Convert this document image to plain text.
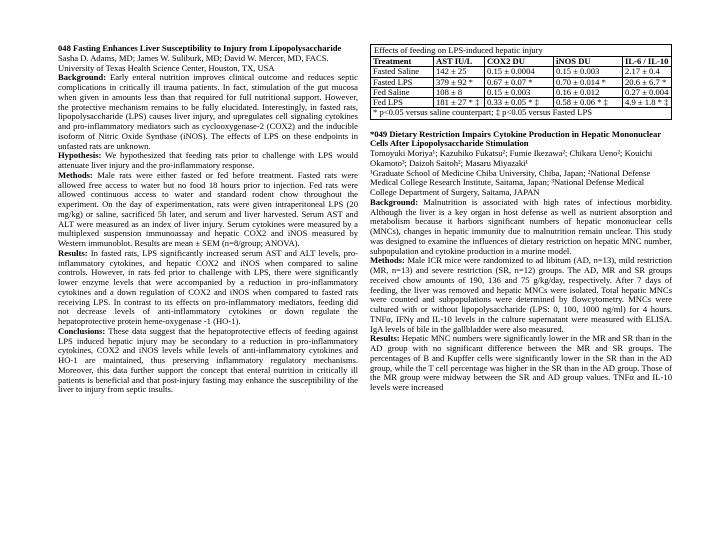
048 Fasting Enhances Liver Susceptibility to Injury from Lipopolysaccharide

Sasha D. Adams, MD; James W. Suliburk, MD; David W. Mercer, MD, FACS.

University of Texas Health Science Center, Houston, TX, USA

Background: Early enteral nutrition improves clinical outcome and reduces septic complications in critically ill trauma patients. In fact, stimulation of the gut mucosa when given in amounts less than that required for full nutritional support. However, the protective mechanism remains to be fully elucidated. Interestingly, in fasted rats, lipopolysaccharide (LPS) causes liver injury, and upregulates cell signaling cytokines and pro-inflammatory mediators such as cyclooxygenase-2 (COX2) and the inducible isoform of Nitric Oxide Synthase (iNOS). The effects of LPS on these endpoints in unfasted rats are unknown.

Hypothesis: We hypothesized that feeding rats prior to challenge with LPS would attenuate liver injury and the pro-inflammatory response.

Methods: Male rats were either fasted or fed before treatment. Fasted rats were allowed free access to water but no food 18 hours prior to injection. Fed rats were allowed continuous access to water and standard rodent chow throughout the experiment. On the day of experimentation, rats were given intraperitoneal LPS (20 mg/kg) or saline, sacrificed 5h later, and serum and liver harvested. Serum AST and ALT were measured as an index of liver injury. Serum cytokines were measured by a multiplexed suspension immunoassay and hepatic COX2 and iNOS measured by Western immunoblot. Results are mean ± SEM (n=8/group; ANOVA).

Results: In fasted rats, LPS significantly increased serum AST and ALT levels, pro-inflammatory cytokines, and hepatic COX2 and iNOS when compared to saline controls. However, in rats fed prior to challenge with LPS, there were significantly lower enzyme levels that were accompanied by a reduction in pro-inflammatory cytokines and a down regulation of COX2 and iNOS when compared to fasted rats receiving LPS. In contrast to its effects on pro-inflammatory mediators, feeding did not decrease levels of anti-inflammatory cytokines or down regulate the hepatoprotective protein heme-oxygenase -1 (HO-1).

Conclusions: These data suggest that the hepatoprotective effects of feeding against LPS induced hepatic injury may be secondary to a reduction in pro-inflammatory cytokines, COX2 and iNOS levels while levels of anti-inflammatory cytokines and HO-1 are maintained, thus preserving inflammatory regulatory mechanisms. Moreover, this data further support the concept that enteral nutrition in critically ill patients is beneficial and that post-injury fasting may enhance the susceptibility of the liver to injury from septic insults.

Effects of feeding on LPS-induced hepatic injury				
Treatment	AST IU/L	COX2 DU	iNOS DU	IL-6 / IL-10
Fasted Saline	142 ± 25	0.15 ± 0.0004	0.15 ± 0.003	2.17 ± 0.4
Fasted LPS	379 ± 92 *	0.67 ± 0.07 *	0.70 ± 0.014 *	20.6 ± 6.7 *
Fed Saline	108 ± 8	0.15 ± 0.003	0.16 ± 0.012	0.27 ± 0.004
Fed LPS	181 ± 27 * ‡	0.33 ± 0.05 * ‡	0.58 ± 0.06 * ‡	4.9 ± 1.8 * ‡
* p<0.05 versus saline counterpart; ‡ p<0.05 versus Fasted LPS

*049 Dietary Restriction Impairs Cytokine Production in Hepatic Mononuclear Cells After Lipopolysaccharide Stimulation

Tomoyuki Moriya¹; Kazuhiko Fukatsu²; Fumie Ikezawa²; Chikara Ueno²; Kouichi Okamoto³; Daizoh Saitoh²; Masaru Miyazaki¹

¹Graduate School of Medicine Chiba University, Chiba, Japan; ²National Defense Medical College Research Institute, Saitama, Japan; ³National Defense Medical College Department of Surgery, Saitama, JAPAN

Background: Malnutrition is associated with high rates of infectious morbidity. Although the liver is a key organ in host defense as well as nutrient absorption and metabolism because it harbors significant numbers of hepatic mononuclear cells (MNCs), changes in hepatic immunity due to malnutrition remain unclear. This study was designed to examine the influences of dietary restriction on hepatic MNC number, subpopulation and cytokine production in a murine model.

Methods: Male ICR mice were randomized to ad libitum (AD, n=13), mild restriction (MR, n=13) and severe restriction (SR, n=12) groups. The AD, MR and SR groups received chow amounts of 190, 136 and 75 g/kg/day, respectively. After 7 days of feeding, the liver was removed and hepatic MNCs were isolated. Total hepatic MNCs were counted and subpopulations were determined by flowcytometry. MNCs were cultured with or without lipopolysaccharide (LPS: 0, 100, 1000 ng/ml) for 4 hours. TNFα, IFNγ and IL-10 levels in the culture supernatant were measured with ELISA. IgA levels of bile in the gallbladder were also measured.

Results: Hepatic MNC numbers were significantly lower in the MR and SR than in the AD group with no significant difference between the MR and SR groups. The percentages of B and Kupffer cells were significantly lower in the SR than in the AD group, while the T cell percentage was higher in the SR than in the AD group. Those of the MR group were midway between the SR and AD group values. TNFα and IL-10 levels were increased
